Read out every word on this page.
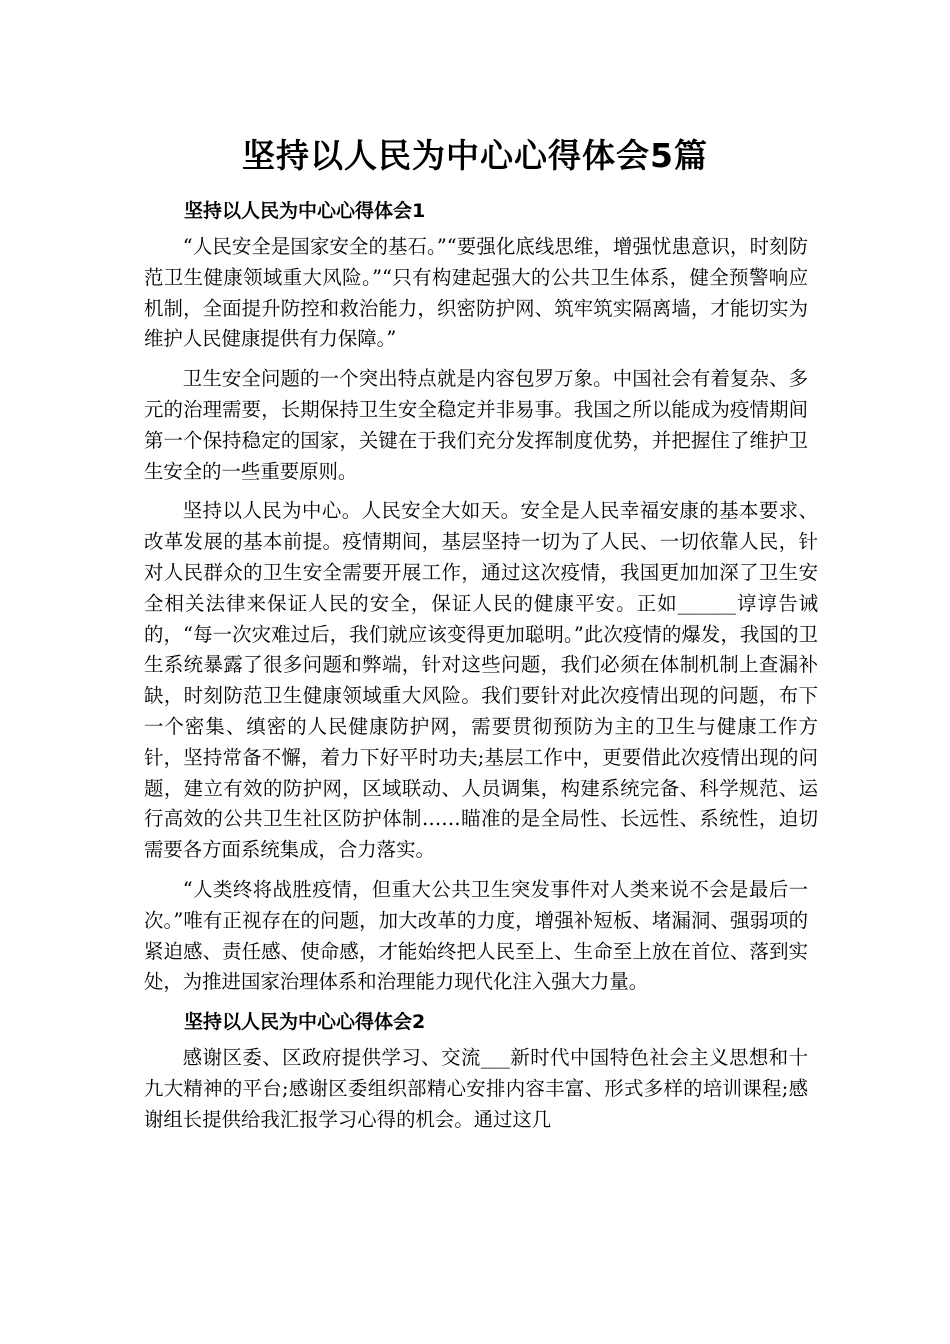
坚持以人民为中心心得体会5篇
坚持以人民为中心心得体会1

“人民安全是国家安全的基石。”“要强化底线思维，增强忧患意识，时刻防范卫生健康领域重大风险。”“只有构建起强大的公共卫生体系，健全预警响应机制，全面提升防控和救治能力，织密防护网、筑牢筑实隔离墙，才能切实为维护人民健康提供有力保障。”

卫生安全问题的一个突出特点就是内容包罗万象。中国社会有着复杂、多元的治理需要，长期保持卫生安全稳定并非易事。我国之所以能成为疫情期间第一个保持稳定的国家，关键在于我们充分发挥制度优势，并把握住了维护卫生安全的一些重要原则。

坚持以人民为中心。人民安全大如天。安全是人民幸福安康的基本要求、改革发展的基本前提。疫情期间，基层坚持一切为了人民、一切依靠人民，针对人民群众的卫生安全需要开展工作，通过这次疫情，我国更加加深了卫生安全相关法律来保证人民的安全，保证人民的健康平安。正如______谆谆告诫的，“每一次灾难过后，我们就应该变得更加聪明。”此次疫情的爆发，我国的卫生系统暴露了很多问题和弊端，针对这些问题，我们必须在体制机制上查漏补缺，时刻防范卫生健康领域重大风险。我们要针对此次疫情出现的问题，布下一个密集、缜密的人民健康防护网，需要贯彻预防为主的卫生与健康工作方针，坚持常备不懈，着力下好平时功夫;基层工作中，更要借此次疫情出现的问题，建立有效的防护网，区域联动、人员调集，构建系统完备、科学规范、运行高效的公共卫生社区防护体制……瞄准的是全局性、长远性、系统性，迫切需要各方面系统集成，合力落实。

“人类终将战胜疫情，但重大公共卫生突发事件对人类来说不会是最后一次。”唯有正视存在的问题，加大改革的力度，增强补短板、堵漏洞、强弱项的紧迫感、责任感、使命感，才能始终把人民至上、生命至上放在首位、落到实处，为推进国家治理体系和治理能力现代化注入强大力量。

坚持以人民为中心心得体会2

感谢区委、区政府提供学习、交流___新时代中国特色社会主义思想和十九大精神的平台;感谢区委组织部精心安排内容丰富、形式多样的培训课程;感谢组长提供给我汇报学习心得的机会。通过这几
